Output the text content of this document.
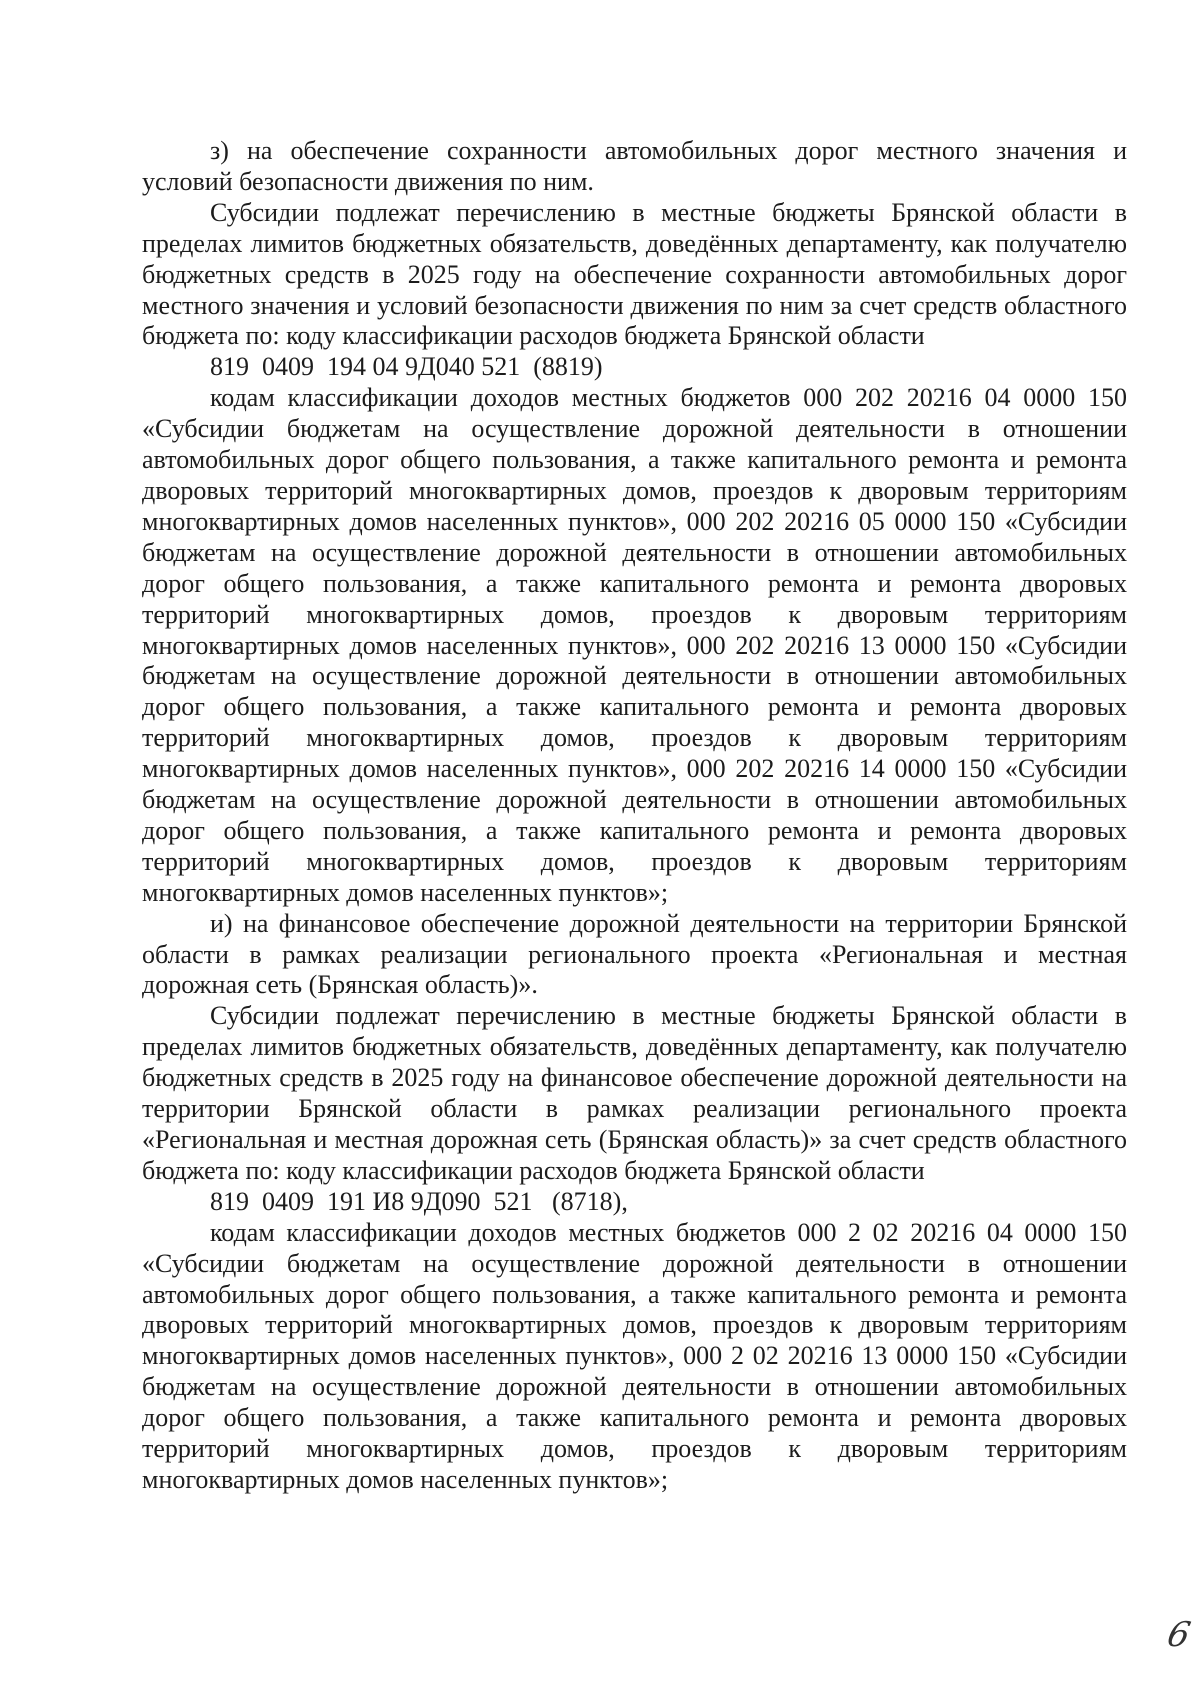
з) на обеспечение сохранности автомобильных дорог местного значения и условий безопасности движения по ним.

Субсидии подлежат перечислению в местные бюджеты Брянской области в пределах лимитов бюджетных обязательств, доведённых департаменту, как получателю бюджетных средств в 2025 году на обеспечение сохранности автомобильных дорог местного значения и условий безопасности движения по ним за счет средств областного бюджета по: коду классификации расходов бюджета Брянской области

819  0409  194 04 9Д040 521  (8819)

кодам классификации доходов местных бюджетов 000 202 20216 04 0000 150 «Субсидии бюджетам на осуществление дорожной деятельности в отношении автомобильных дорог общего пользования, а также капитального ремонта и ремонта дворовых территорий многоквартирных домов, проездов к дворовым территориям многоквартирных домов населенных пунктов», 000 202 20216 05 0000 150 «Субсидии бюджетам на осуществление дорожной деятельности в отношении автомобильных дорог общего пользования, а также капитального ремонта и ремонта дворовых территорий многоквартирных домов, проездов к дворовым территориям многоквартирных домов населенных пунктов», 000 202 20216 13 0000 150 «Субсидии бюджетам на осуществление дорожной деятельности в отношении автомобильных дорог общего пользования, а также капитального ремонта и ремонта дворовых территорий многоквартирных домов, проездов к дворовым территориям многоквартирных домов населенных пунктов», 000 202 20216 14 0000 150 «Субсидии бюджетам на осуществление дорожной деятельности в отношении автомобильных дорог общего пользования, а также капитального ремонта и ремонта дворовых территорий многоквартирных домов, проездов к дворовым территориям многоквартирных домов населенных пунктов»;

и) на финансовое обеспечение дорожной деятельности на территории Брянской области в рамках реализации регионального проекта «Региональная и местная дорожная сеть (Брянская область)».

Субсидии подлежат перечислению в местные бюджеты Брянской области в пределах лимитов бюджетных обязательств, доведённых департаменту, как получателю бюджетных средств в 2025 году на финансовое обеспечение дорожной деятельности на территории Брянской области в рамках реализации регионального проекта «Региональная и местная дорожная сеть (Брянская область)» за счет средств областного бюджета по: коду классификации расходов бюджета Брянской области

819  0409  191 И8 9Д090  521   (8718),

кодам классификации доходов местных бюджетов 000 2 02 20216 04 0000 150 «Субсидии бюджетам на осуществление дорожной деятельности в отношении автомобильных дорог общего пользования, а также капитального ремонта и ремонта дворовых территорий многоквартирных домов, проездов к дворовым территориям многоквартирных домов населенных пунктов», 000 2 02 20216 13 0000 150 «Субсидии бюджетам на осуществление дорожной деятельности в отношении автомобильных дорог общего пользования, а также капитального ремонта и ремонта дворовых территорий многоквартирных домов, проездов к дворовым территориям многоквартирных домов населенных пунктов»;

6
